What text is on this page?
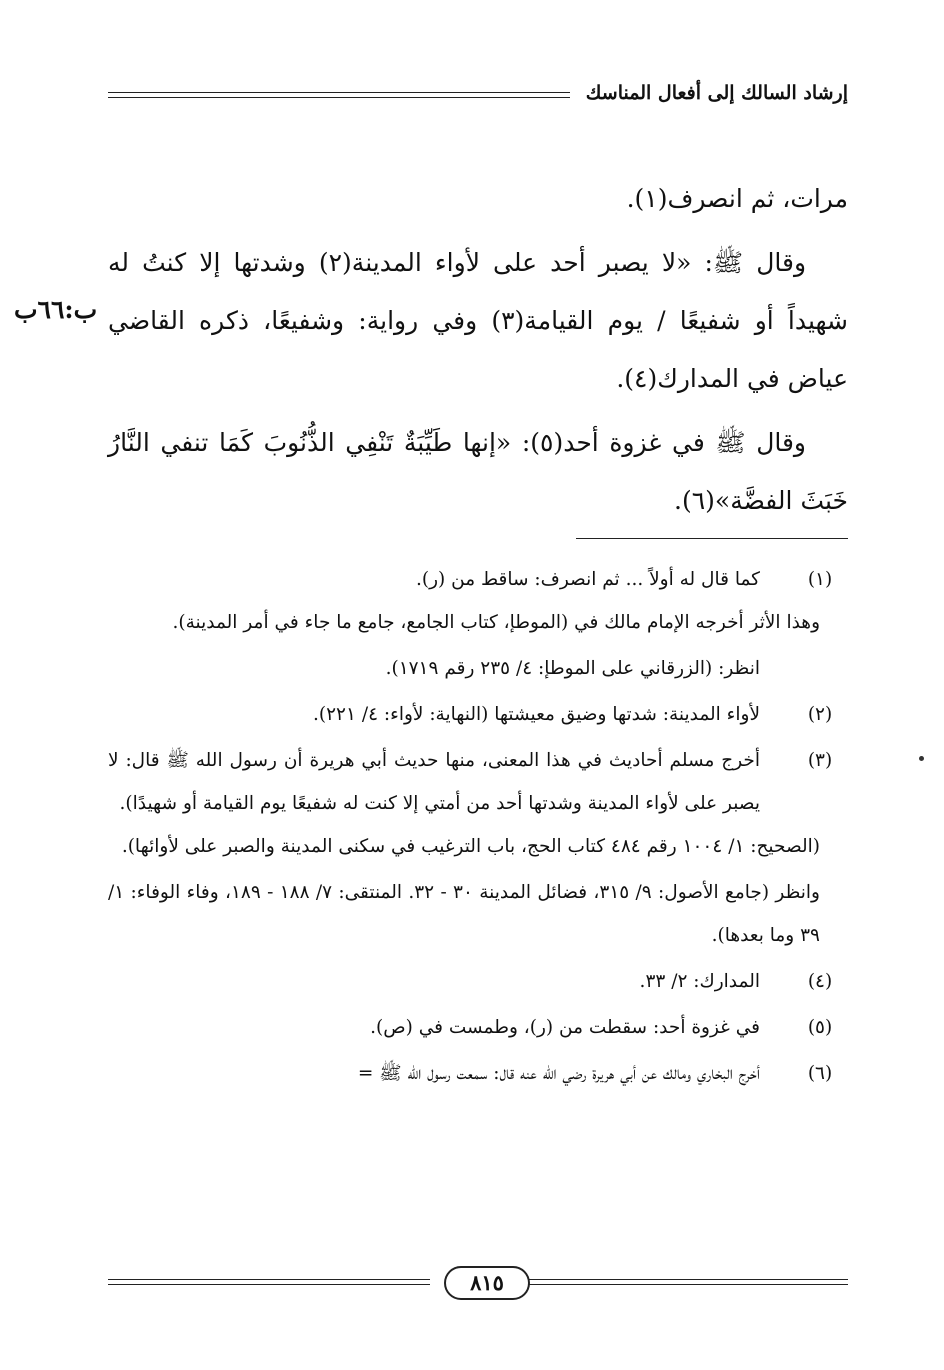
إرشاد السالك إلى أفعال المناسك

مرات، ثم انصرف(١).

وقال ﷺ: «لا يصبر أحد على لأواء المدينة(٢) وشدتها إلا كنتُ له شهيداً أو شفيعًا / يوم القيامة(٣) وفي رواية: وشفيعًا، ذكره القاضي عياض في المدارك(٤).

وقال ﷺ في غزوة أحد(٥): «إنها طَيِّبَةٌ تَنْفِي الذُّنُوبَ كَمَا تنفي النَّارُ خَبَثَ الفضَّة»(٦).

ب:٦٦ب
(١)
كما قال له أولاً ... ثم انصرف: ساقط من (ر).
وهذا الأثر أخرجه الإمام مالك في (الموطإ، كتاب الجامع، جامع ما جاء في أمر المدينة).
انظر: (الزرقاني على الموطإ: ٤/ ٢٣٥ رقم ١٧١٩).
(٢)
لأواء المدينة: شدتها وضيق معيشتها (النهاية: لأواء: ٤/ ٢٢١).
(٣)
أخرج مسلم أحاديث في هذا المعنى، منها حديث أبي هريرة أن رسول الله ﷺ قال: لا يصبر على لأواء المدينة وشدتها أحد من أمتي إلا كنت له شفيعًا يوم القيامة أو شهيدًا).
(الصحيح: ١/ ١٠٠٤ رقم ٤٨٤ كتاب الحج، باب الترغيب في سكنى المدينة والصبر على لأوائها).
وانظر (جامع الأصول: ٩/ ٣١٥، فضائل المدينة ٣٠ - ٣٢. المنتقى: ٧/ ١٨٨ - ١٨٩، وفاء الوفاء: ١/ ٣٩ وما بعدها).
(٤)
المدارك: ٢/ ٣٣.
(٥)
في غزوة أحد: سقطت من (ر)، وطمست في (ص).
(٦)
أخرج البخاري ومالك عن أبي هريرة رضي الله عنه قال: سمعت رسول الله ﷺ =
٨١٥
